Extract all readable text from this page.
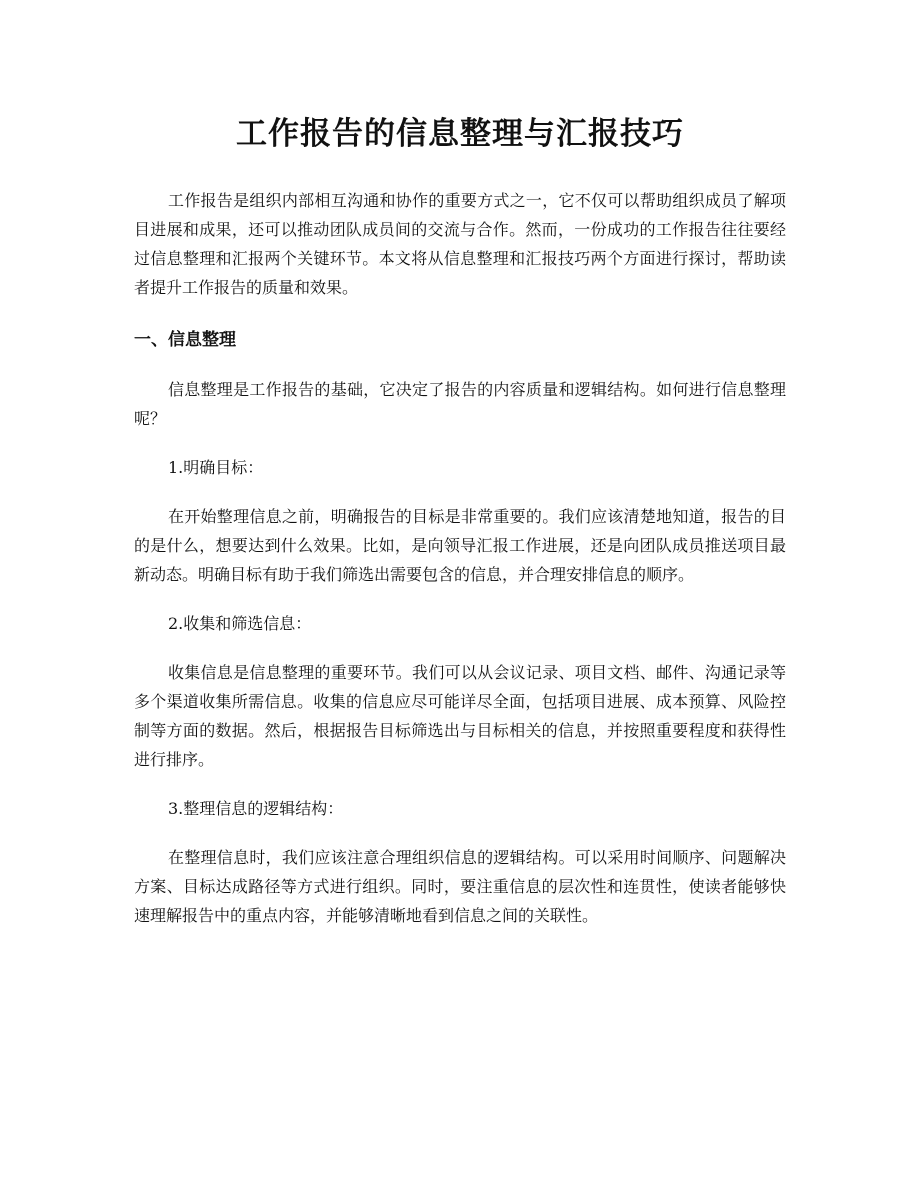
工作报告的信息整理与汇报技巧

工作报告是组织内部相互沟通和协作的重要方式之一，它不仅可以帮助组织成员了解项目进展和成果，还可以推动团队成员间的交流与合作。然而，一份成功的工作报告往往要经过信息整理和汇报两个关键环节。本文将从信息整理和汇报技巧两个方面进行探讨，帮助读者提升工作报告的质量和效果。

一、信息整理

信息整理是工作报告的基础，它决定了报告的内容质量和逻辑结构。如何进行信息整理呢？

1.明确目标：

在开始整理信息之前，明确报告的目标是非常重要的。我们应该清楚地知道，报告的目的是什么，想要达到什么效果。比如，是向领导汇报工作进展，还是向团队成员推送项目最新动态。明确目标有助于我们筛选出需要包含的信息，并合理安排信息的顺序。

2.收集和筛选信息：

收集信息是信息整理的重要环节。我们可以从会议记录、项目文档、邮件、沟通记录等多个渠道收集所需信息。收集的信息应尽可能详尽全面，包括项目进展、成本预算、风险控制等方面的数据。然后，根据报告目标筛选出与目标相关的信息，并按照重要程度和获得性进行排序。

3.整理信息的逻辑结构：

在整理信息时，我们应该注意合理组织信息的逻辑结构。可以采用时间顺序、问题解决方案、目标达成路径等方式进行组织。同时，要注重信息的层次性和连贯性，使读者能够快速理解报告中的重点内容，并能够清晰地看到信息之间的关联性。
